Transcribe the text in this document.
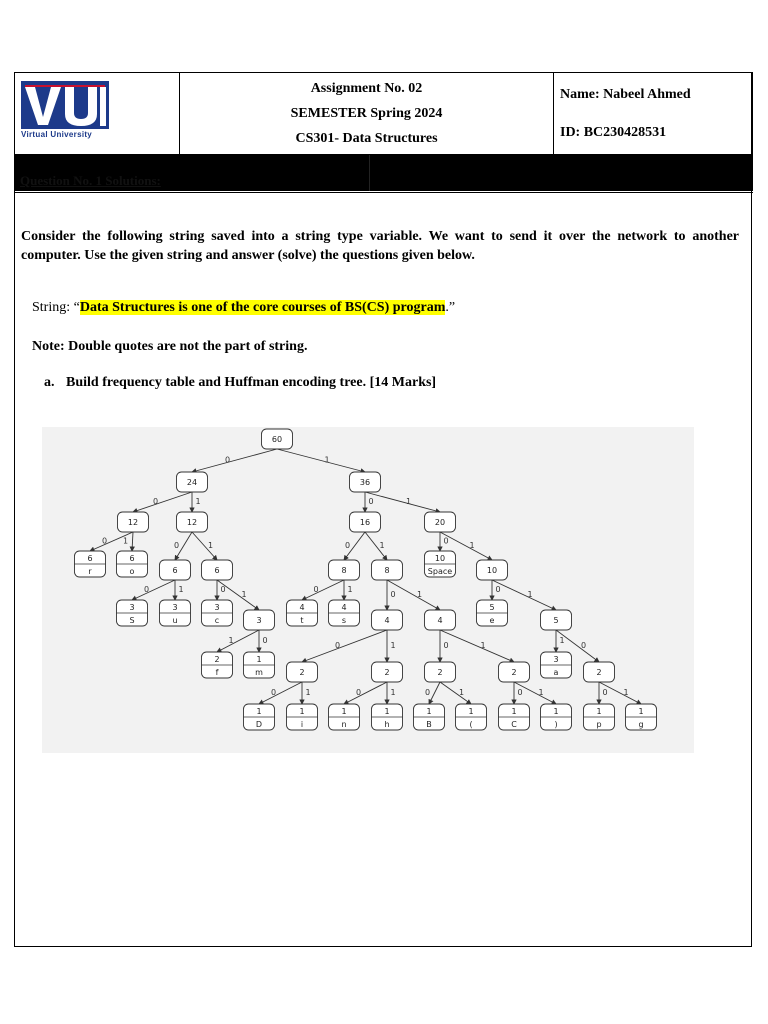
Virtual University
Assignment No. 02
SEMESTER Spring 2024
CS301- Data Structures
Name: Nabeel Ahmed
ID: BC230428531
Question No. 1 Solutions:
Consider the following string saved into a string type variable. We want to send it over the network to another computer. Use the given string and answer (solve) the questions given below.
String: “Data Structures is one of the core courses of BS(CS) program.”
Note: Double quotes are not the part of string.
a. Build frequency table and Huffman encoding tree. [14 Marks]
0	1
0	1	0	1
0 1	0	1	0	1	0	1
0	1	0
1
0	1
0	1
0
1
1	0
0	1	0	1
1
0
0	1	0	1	0	1	0 1	0 1
60
24	36
12	12	16	20
6
r
6
o	6	6	8	8
10
Space	10
3
S
3
u
3
c	3
4
t
4
s	4	4
5
e	5
2
f
1
m	2	2	2	2
3
a	2
1
D
1
i
1
n
1
h
1
B
1
(
1
C
1
)
1
p
1
g
